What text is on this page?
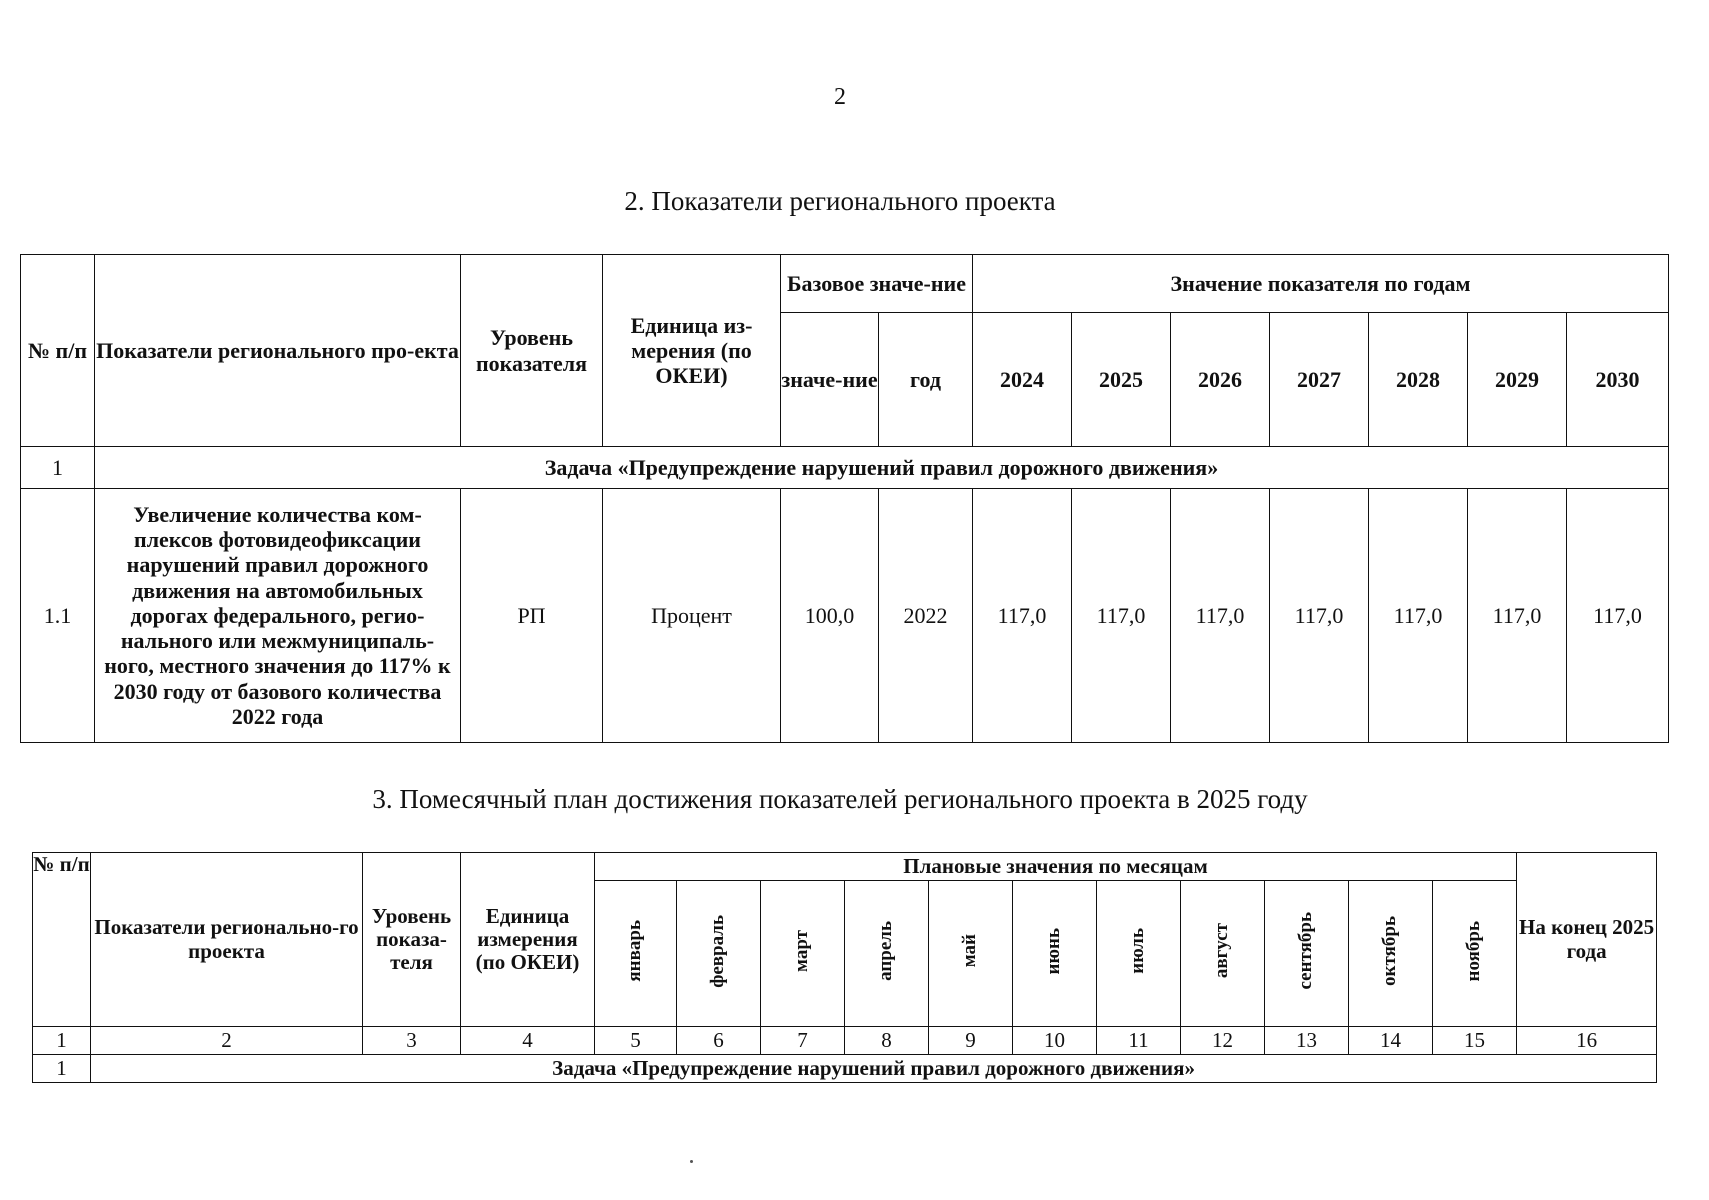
2
2. Показатели регионального проекта
№ п/п	Показатели регионального про-екта	Уровень показателя	Единица из-мерения (по ОКЕИ)	Базовое значе-ние		Значение показателя по годам						
				значе-ние	год	2024	2025	2026	2027	2028	2029	2030
1	Задача «Предупреждение нарушений правил дорожного движения»											
1.1	Увеличение количества ком-плексов фотовидеофиксации нарушений правил дорожного движения на автомобильных дорогах федерального, регио-нального или межмуниципаль-ного, местного значения до 117% к 2030 году от базового количества 2022 года	РП	Процент	100,0	2022	117,0	117,0	117,0	117,0	117,0	117,0	117,0
3. Помесячный план достижения показателей регионального проекта в 2025 году
№ п/п	Показатели регионально-го проекта	Уровень показа-теля	Единица измерения (по ОКЕИ)	Плановые значения по месяцам											На конец 2025 года
				январь	февраль	март	апрель	май	июнь	июль	август	сентябрь	октябрь	ноябрь	
1	2	3	4	5	6	7	8	9	10	11	12	13	14	15	16
1	Задача «Предупреждение нарушений правил дорожного движения»														
